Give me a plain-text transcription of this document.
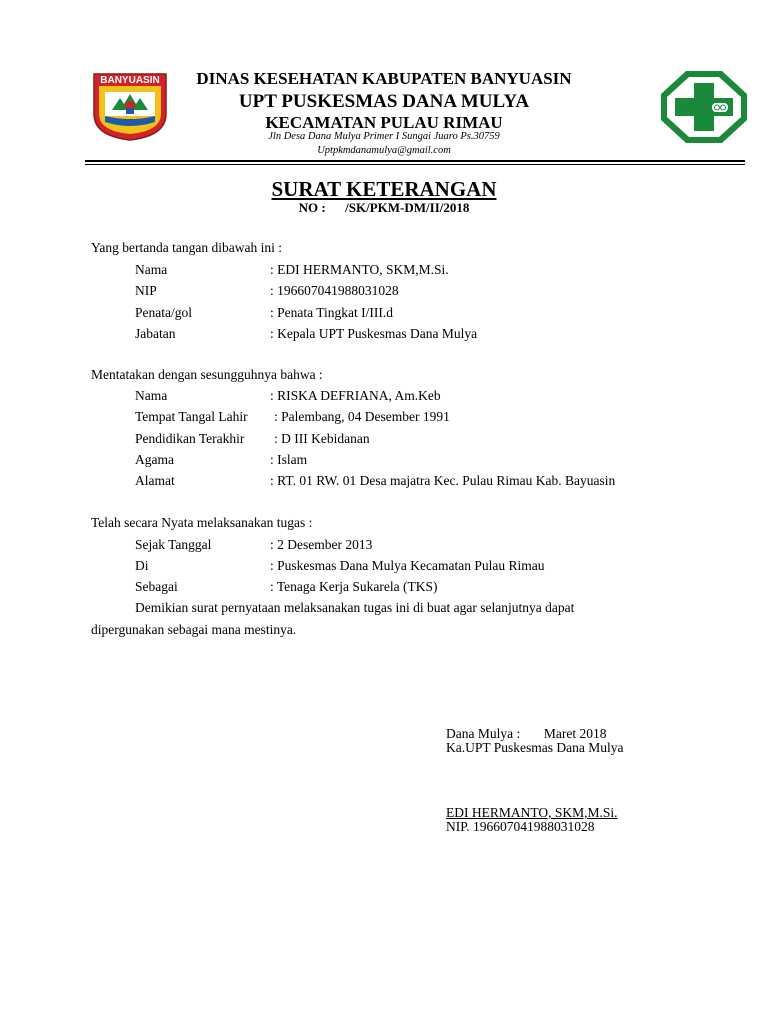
BANYUASIN	DINAS KESEHATAN KABUPATEN BANYUASIN
UPT PUSKESMAS DANA MULYA
KECAMATAN PULAU RIMAU
Jln Desa Dana Mulya Primer I Sungai Juaro Ps.30759
Uptpkmdanamulya@gmail.com
SURAT KETERANGAN
NO :      /SK/PKM-DM/II/2018
Yang bertanda tangan dibawah ini :
Nama	: EDI HERMANTO, SKM,M.Si.
NIP	: 196607041988031028
Penata/gol	: Penata Tingkat I/III.d
Jabatan	: Kepala UPT Puskesmas Dana Mulya
Mentatakan dengan sesungguhnya bahwa :
Nama	: RISKA DEFRIANA, Am.Keb
Tempat Tangal Lahir : Palembang, 04 Desember 1991
Pendidikan Terakhir : D III Kebidanan
Agama	: Islam
Alamat	: RT. 01 RW. 01 Desa majatra Kec. Pulau Rimau Kab. Bayuasin
Telah secara Nyata melaksanakan tugas :
Sejak Tanggal	: 2 Desember 2013
Di	: Puskesmas Dana Mulya Kecamatan Pulau Rimau
Sebagai	: Tenaga Kerja Sukarela (TKS)
Demikian surat pernyataan melaksanakan tugas ini di buat agar selanjutnya dapat
dipergunakan sebagai mana mestinya.
Dana Mulya :       Maret 2018
Ka.UPT Puskesmas Dana Mulya
EDI HERMANTO, SKM,M.Si.
NIP. 196607041988031028
